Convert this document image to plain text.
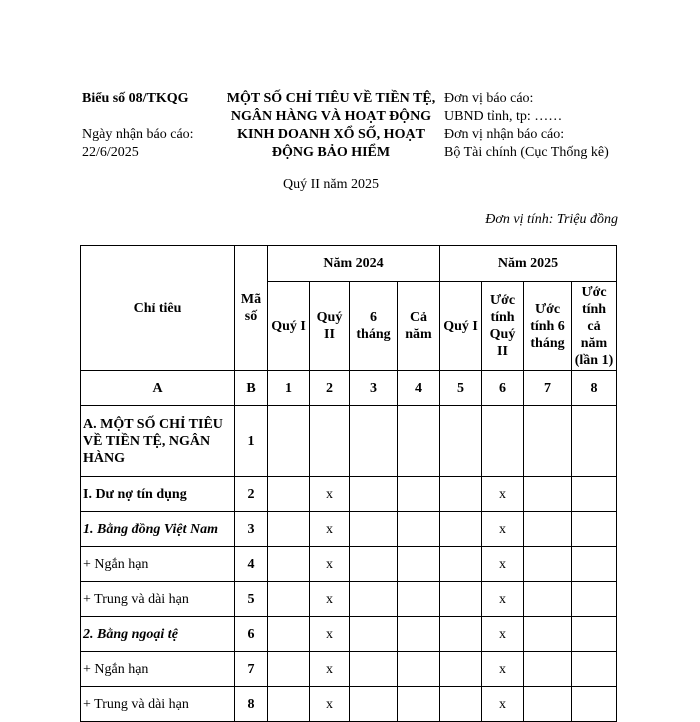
Biểu số 08/TKQG
Ngày nhận báo cáo:
22/6/2025
MỘT SỐ CHỈ TIÊU VỀ TIỀN TỆ,
NGÂN HÀNG VÀ HOẠT ĐỘNG
KINH DOANH XỔ SỐ, HOẠT
ĐỘNG BẢO HIỂM
Quý II năm 2025
Đơn vị báo cáo:
UBND tỉnh, tp: ……
Đơn vị nhận báo cáo:
Bộ Tài chính (Cục Thống kê)
Đơn vị tính: Triệu đồng
Chỉ tiêu	Mã số	Năm 2024				Năm 2025			
		Quý I	Quý II	6 tháng	Cả năm	Quý I	Ước tính Quý II	Ước tính 6 tháng	Ước tính cả năm (lần 1)
A	B	1	2	3	4	5	6	7	8
A. MỘT SỐ CHỈ TIÊU VỀ TIỀN TỆ, NGÂN HÀNG	1								
I. Dư nợ tín dụng	2		x				x		
1. Bằng đồng Việt Nam	3		x				x		
+ Ngắn hạn	4		x				x		
+ Trung và dài hạn	5		x				x		
2. Bằng ngoại tệ	6		x				x		
+ Ngắn hạn	7		x				x		
+ Trung và dài hạn	8		x				x		
